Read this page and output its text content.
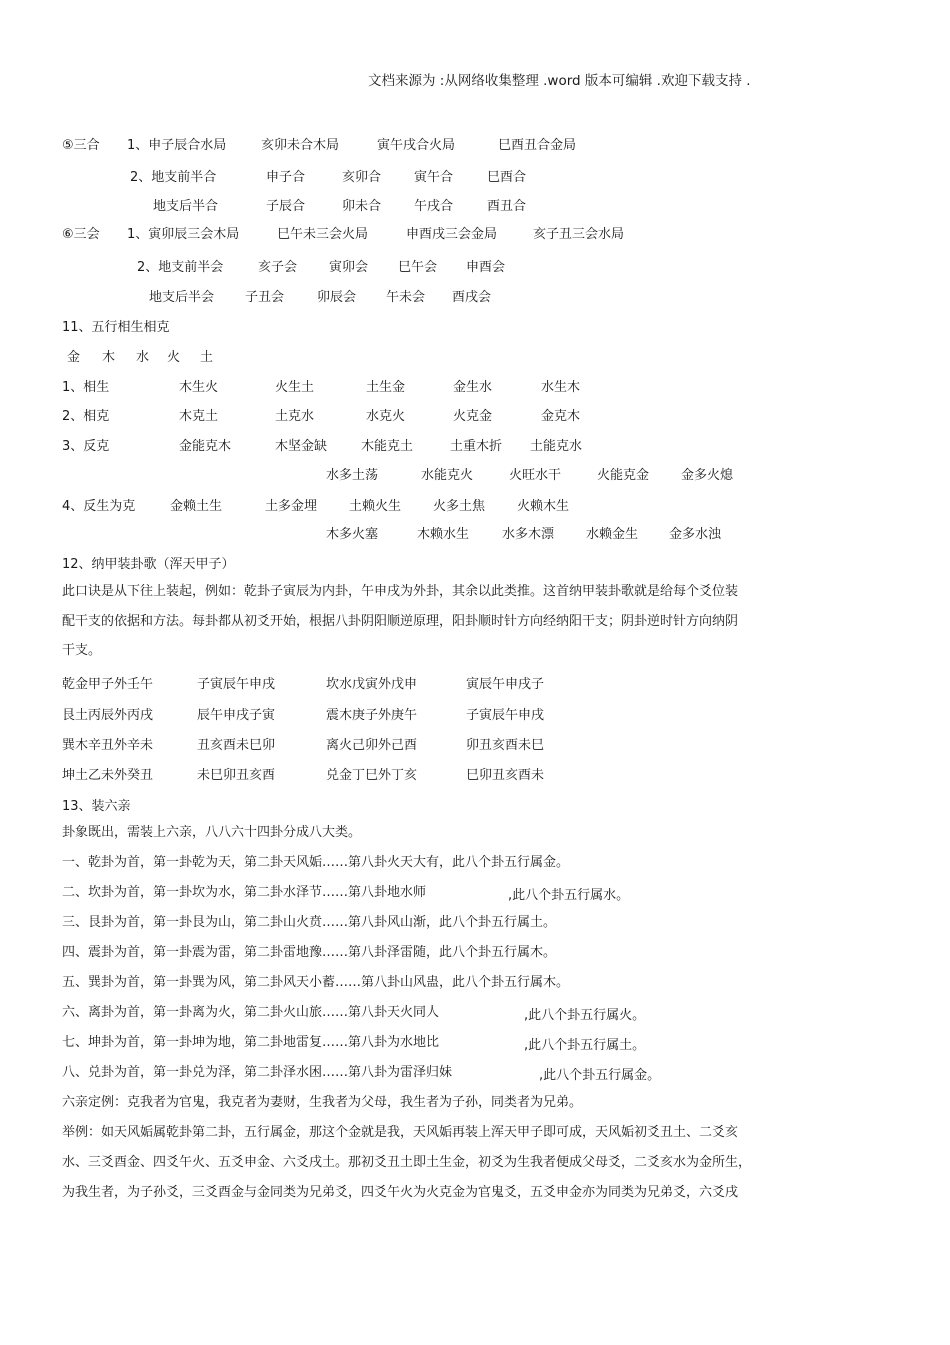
文档来源为 :从网络收集整理 .word 版本可编辑 .欢迎下载支持 .
⑤三合 1、申子辰合水局	亥卯未合木局	寅午戌合火局	巳酉丑合金局
2、地支前半合	申子合	亥卯合	寅午合	巳酉合
地支后半合	子辰合	卯未合	午戌合	酉丑合
⑥三会 1、寅卯辰三会木局	巳午未三会火局	申酉戌三会金局	亥子丑三会水局
2、地支前半会	亥子会 寅卯会 巳午会 申酉会
地支后半会 子丑会	卯辰会 午未会 酉戌会
11、五行相生相克
金 木 水 火 土
1、相生	木生火	火生土	土生金	金生水	水生木
2、相克	木克土	土克水	水克火	火克金	金克木
3、反克	金能克木	木坚金缺	木能克土	土重木折 土能克水
水多土荡	水能克火	火旺水干	火能克金 金多火熄
4、反生为克	金赖土生	土多金埋 土赖火生 火多土焦 火赖木生
木多火塞	木赖水生	水多木漂 水赖金生 金多水浊
12、纳甲装卦歌（浑天甲子）
此口诀是从下往上装起，例如：乾卦子寅辰为内卦，午申戌为外卦，其余以此类推。这首纳甲装卦歌就是给每个爻位装
配干支的依据和方法。每卦都从初爻开始，根据八卦阴阳顺逆原理，阳卦顺时针方向经纳阳干支；阴卦逆时针方向纳阴
干支。
乾金甲子外壬午	子寅辰午申戌	坎水戊寅外戊申	寅辰午申戌子
艮土丙辰外丙戌	辰午申戌子寅	震木庚子外庚午	子寅辰午申戌
巽木辛丑外辛未	丑亥酉未巳卯	离火己卯外己酉	卯丑亥酉未巳
坤土乙未外癸丑	未巳卯丑亥酉	兑金丁巳外丁亥	巳卯丑亥酉未
13、装六亲
卦象既出，需装上六亲，八八六十四卦分成八大类。
一、乾卦为首，第一卦乾为天，第二卦天风姤……第八卦火天大有，此八个卦五行属金。
二、坎卦为首，第一卦坎为水，第二卦水泽节……第八卦地水师	,此八个卦五行属水。
三、艮卦为首，第一卦艮为山，第二卦山火贲……第八卦风山渐，此八个卦五行属土。
四、震卦为首，第一卦震为雷，第二卦雷地豫……第八卦泽雷随，此八个卦五行属木。
五、巽卦为首，第一卦巽为风，第二卦风天小蓄……第八卦山风蛊，此八个卦五行属木。
六、离卦为首，第一卦离为火，第二卦火山旅……第八卦天火同人	,此八个卦五行属火。
七、坤卦为首，第一卦坤为地，第二卦地雷复……第八卦为水地比	,此八个卦五行属土。
八、兑卦为首，第一卦兑为泽，第二卦泽水困……第八卦为雷泽归妹	,此八个卦五行属金。
六亲定例：克我者为官鬼，我克者为妻财，生我者为父母，我生者为子孙，同类者为兄弟。
举例：如天风姤属乾卦第二卦，五行属金，那这个金就是我，天风姤再装上浑天甲子即可成，天风姤初爻丑土、二爻亥
水、三爻酉金、四爻午火、五爻申金、六爻戌土。那初爻丑土即土生金，初爻为生我者便成父母爻，二爻亥水为金所生，
为我生者，为子孙爻，三爻酉金与金同类为兄弟爻，四爻午火为火克金为官鬼爻，五爻申金亦为同类为兄弟爻，六爻戌
